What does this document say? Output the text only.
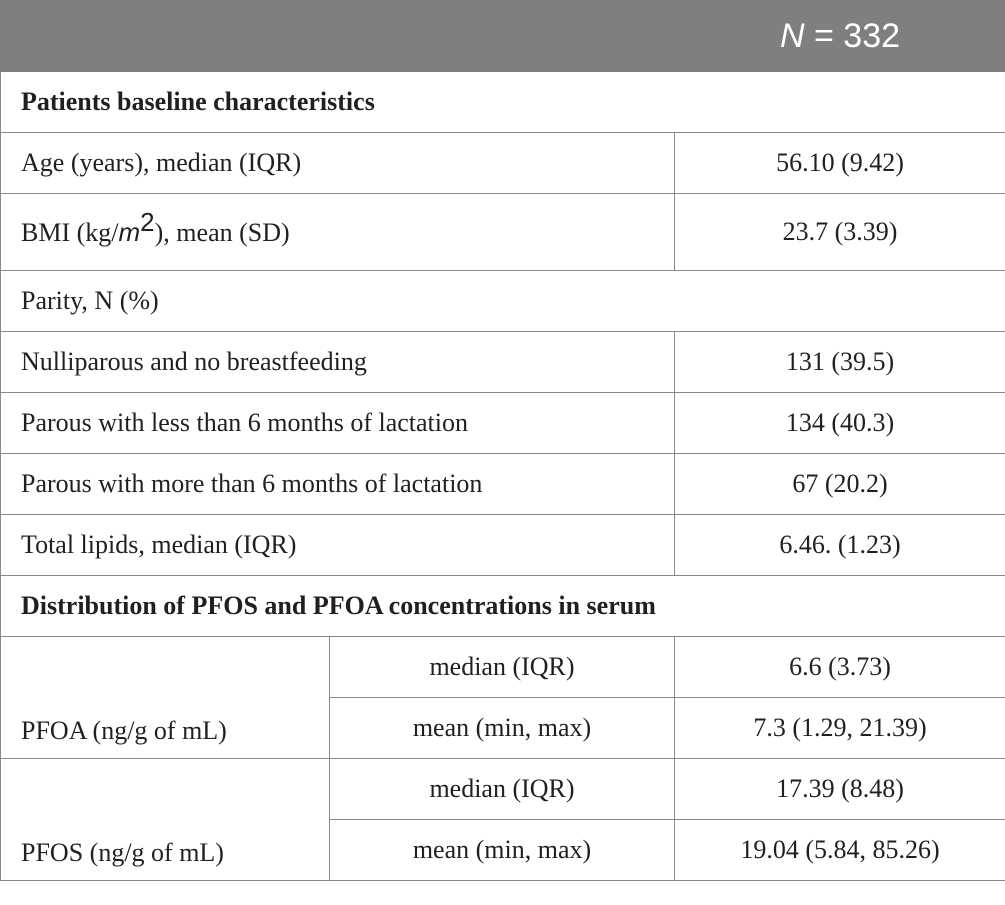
		N = 332
Patients baseline characteristics		
Age (years), median (IQR)		56.10 (9.42)
BMI $(kg/m^2)$, mean (SD)		23.7 (3.39)
Parity, N (%)		
Nulliparous and no breastfeeding		131 (39.5)
Parous with less than 6 months of lactation		134 (40.3)
Parous with more than 6 months of lactation		67 (20.2)
Total lipids, median (IQR)		6.46. (1.23)
Distribution of PFOS and PFOA concentrations in serum		
PFOA (ng/g of mL)	median (IQR)	6.6 (3.73)
	mean (min, max)	7.3 (1.29, 21.39)
PFOS (ng/g of mL)	median (IQR)	17.39 (8.48)
	mean (min, max)	19.04 (5.84, 85.26)
